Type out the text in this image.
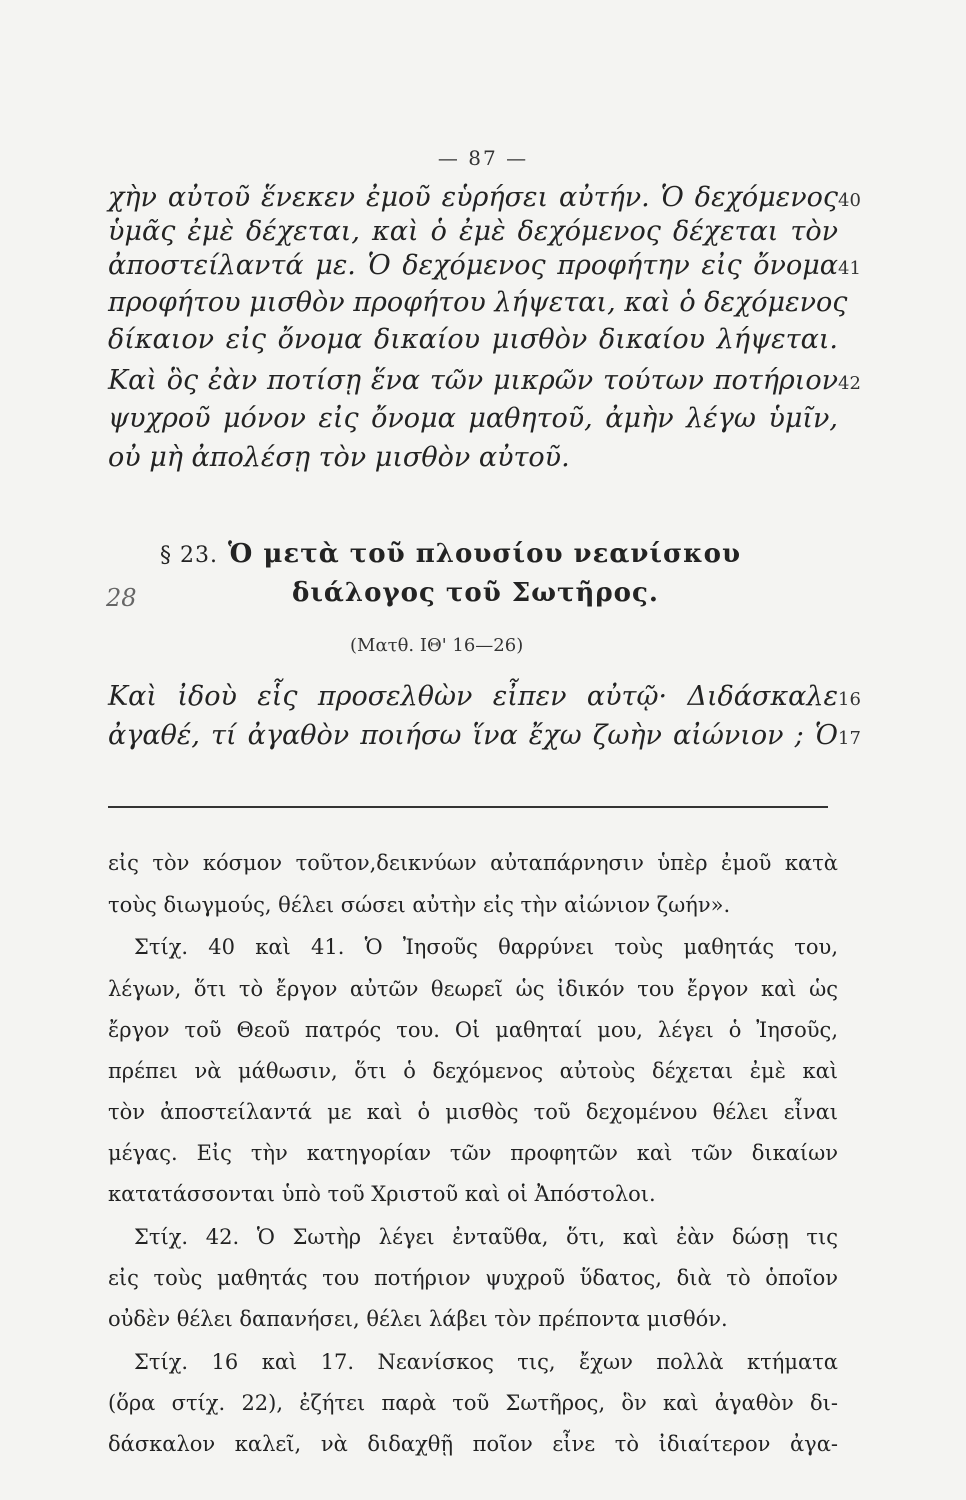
— 87 —
χὴν αὐτοῦ ἕνεκεν ἐμοῦ εὑρήσει αὐτήν. Ὁ δεχόμενος 40
ὑμᾶς ἐμὲ δέχεται, καὶ ὁ ἐμὲ δεχόμενος δέχεται τὸν
ἀποστείλαντά με. Ὁ δεχόμενος προφήτην εἰς ὄνομα 41
προφήτου μισθὸν προφήτου λήψεται, καὶ ὁ δεχόμενος
δίκαιον εἰς ὄνομα δικαίου μισθὸν δικαίου λήψεται.
Καὶ ὃς ἐὰν ποτίσῃ ἕνα τῶν μικρῶν τούτων ποτήριον 42
ψυχροῦ μόνον εἰς ὄνομα μαθητοῦ, ἀμὴν λέγω ὑμῖν,
οὐ μὴ ἀπολέσῃ τὸν μισθὸν αὐτοῦ.
§ 23. Ὁ μετὰ τοῦ πλουσίου νεανίσκου
διάλογος τοῦ Σωτῆρος.
28
(Ματθ. ΙΘ' 16—26)
Καὶ ἰδοὺ εἷς προσελθὼν εἶπεν αὐτῷ· Διδάσκαλε 16
ἀγαθέ, τί ἀγαθὸν ποιήσω ἵνα ἔχω ζωὴν αἰώνιον ; Ὁ 17
εἰς τὸν κόσμον τοῦτον,δεικνύων αὐταπάρνησιν ὑπὲρ ἐμοῦ κατὰ
τοὺς διωγμούς, θέλει σώσει αὐτὴν εἰς τὴν αἰώνιον ζωήν».
Στίχ. 40 καὶ 41. Ὁ Ἰησοῦς θαρρύνει τοὺς μαθητάς του,
λέγων, ὅτι τὸ ἔργον αὐτῶν θεωρεῖ ὡς ἰδικόν του ἔργον καὶ ὡς
ἔργον τοῦ Θεοῦ πατρός του. Οἱ μαθηταί μου, λέγει ὁ Ἰησοῦς,
πρέπει νὰ μάθωσιν, ὅτι ὁ δεχόμενος αὐτοὺς δέχεται ἐμὲ καὶ
τὸν ἀποστείλαντά με καὶ ὁ μισθὸς τοῦ δεχομένου θέλει εἶναι
μέγας. Εἰς τὴν κατηγορίαν τῶν προφητῶν καὶ τῶν δικαίων
κατατάσσονται ὑπὸ τοῦ Χριστοῦ καὶ οἱ Ἀπόστολοι.
Στίχ. 42. Ὁ Σωτὴρ λέγει ἐνταῦθα, ὅτι, καὶ ἐὰν δώσῃ τις
εἰς τοὺς μαθητάς του ποτήριον ψυχροῦ ὕδατος, διὰ τὸ ὁποῖον
οὐδὲν θέλει δαπανήσει, θέλει λάβει τὸν πρέποντα μισθόν.
Στίχ. 16 καὶ 17. Νεανίσκος τις, ἔχων πολλὰ κτήματα
(ὅρα στίχ. 22), ἐζήτει παρὰ τοῦ Σωτῆρος, ὃν καὶ ἀγαθὸν δι-
δάσκαλον καλεῖ, νὰ διδαχθῇ ποῖον εἶνε τὸ ἰδιαίτερον ἀγα-
